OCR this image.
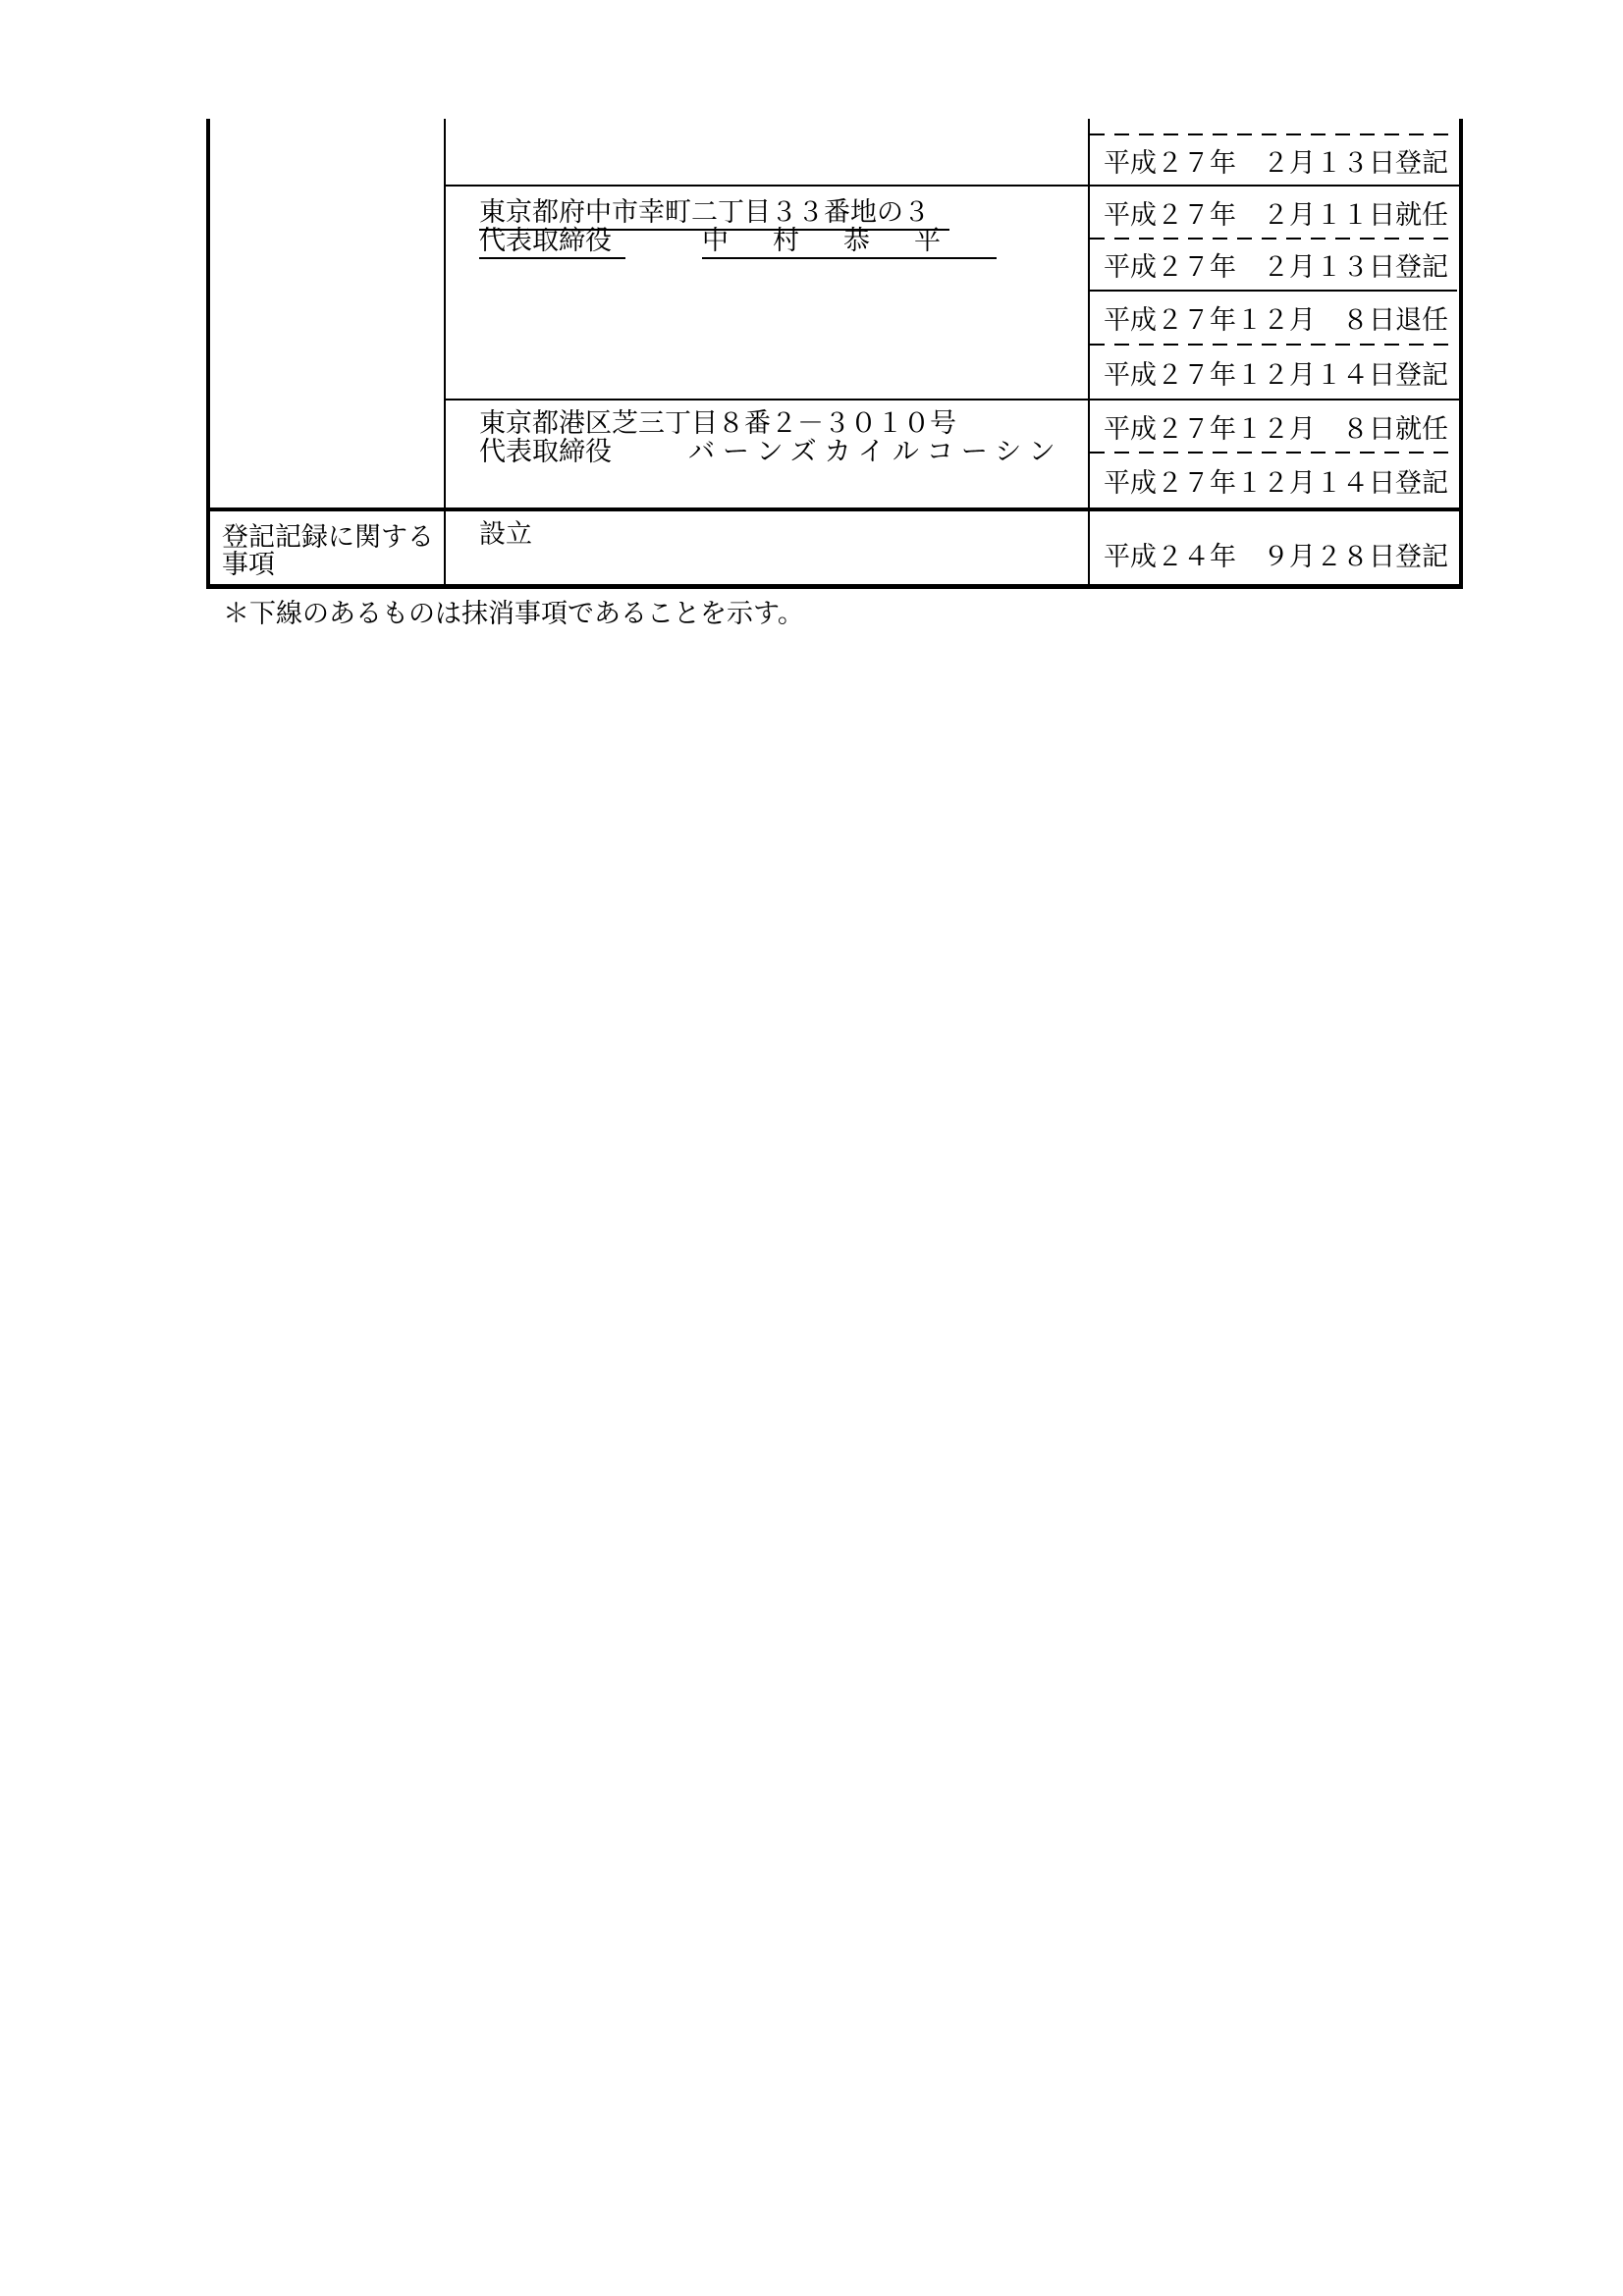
平成２７年　２月１３日登記
東京都府中市幸町二丁目３３番地の３
代表取締役	中　村　恭　平
平成２７年　２月１１日就任
平成２７年　２月１３日登記
平成２７年１２月　８日退任
平成２７年１２月１４日登記
東京都港区芝三丁目８番２－３０１０号
代表取締役	バーンズカイルコーシン
平成２７年１２月　８日就任
平成２７年１２月１４日登記
登記記録に関する事項
設立
平成２４年　９月２８日登記
＊下線のあるものは抹消事項であることを示す。
